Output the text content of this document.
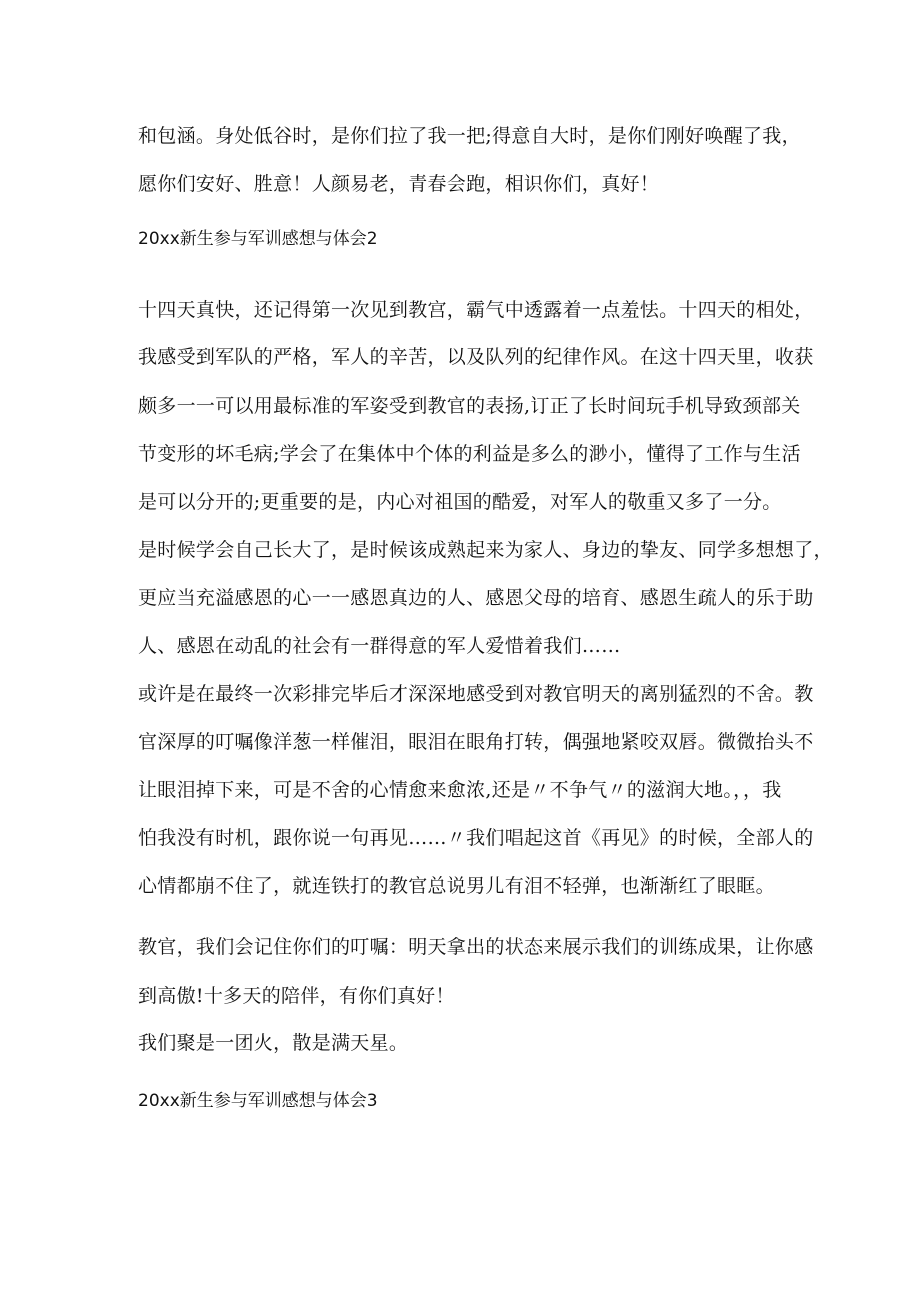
和包涵。身处低谷时，是你们拉了我一把;得意自大时，是你们刚好唤醒了我，
愿你们安好、胜意！人颜易老，青春会跑，相识你们，真好！
20xx新生参与军训感想与体会2
十四天真快，还记得第一次见到教宫，霸气中透露着一点羞怯。十四天的相处，
我感受到军队的严格，军人的辛苦，以及队列的纪律作风。在这十四天里，收获
颇多一一可以用最标准的军姿受到教官的表扬,订正了长时间玩手机导致颈部关
节变形的坏毛病;学会了在集体中个体的利益是多么的渺小，懂得了工作与生活
是可以分开的;更重要的是，内心对祖国的酷爱，对军人的敬重又多了一分。
是时候学会自己长大了，是时候该成熟起来为家人、身边的挚友、同学多想想了，
更应当充溢感恩的心一一感恩真边的人、感恩父母的培育、感恩生疏人的乐于助
人、感恩在动乱的社会有一群得意的军人爱惜着我们……
或许是在最终一次彩排完毕后才深深地感受到对教官明天的离别猛烈的不舍。教
官深厚的叮嘱像洋葱一样催泪，眼泪在眼角打转，偶强地紧咬双唇。微微抬头不
让眼泪掉下来，可是不舍的心情愈来愈浓,还是〃不争气〃的滋润大地。，，我
怕我没有时机，跟你说一句再见……〃我们唱起这首《再见》的时候，全部人的
心情都崩不住了，就连铁打的教官总说男儿有泪不轻弹，也渐渐红了眼眶。
教官，我们会记住你们的叮嘱：明天拿出的状态来展示我们的训练成果，让你感
到高傲!十多天的陪伴，有你们真好！
我们聚是一团火，散是满天星。
20xx新生参与军训感想与体会3
